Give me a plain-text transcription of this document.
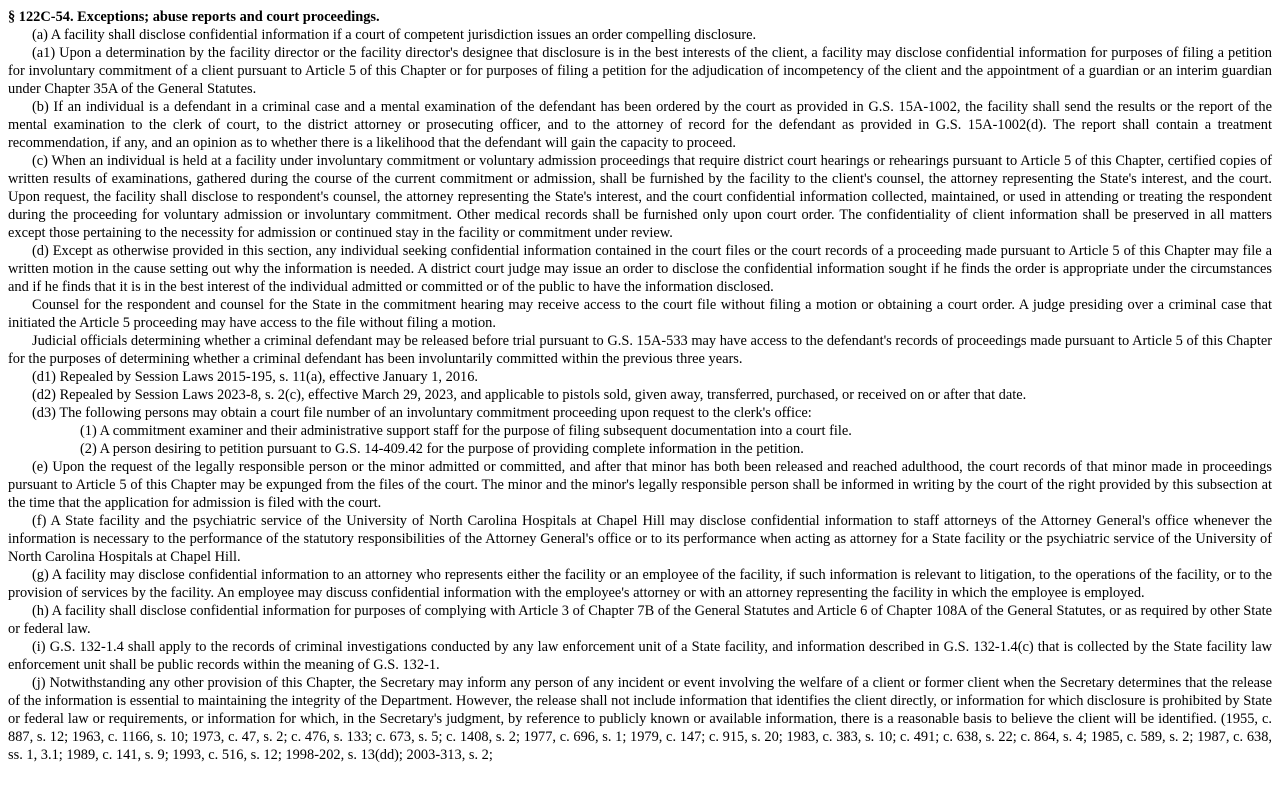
§ 122C-54. Exceptions; abuse reports and court proceedings.

(a) A facility shall disclose confidential information if a court of competent jurisdiction issues an order compelling disclosure.

(a1) Upon a determination by the facility director or the facility director's designee that disclosure is in the best interests of the client, a facility may disclose confidential information for purposes of filing a petition for involuntary commitment of a client pursuant to Article 5 of this Chapter or for purposes of filing a petition for the adjudication of incompetency of the client and the appointment of a guardian or an interim guardian under Chapter 35A of the General Statutes.

(b) If an individual is a defendant in a criminal case and a mental examination of the defendant has been ordered by the court as provided in G.S. 15A-1002, the facility shall send the results or the report of the mental examination to the clerk of court, to the district attorney or prosecuting officer, and to the attorney of record for the defendant as provided in G.S. 15A-1002(d). The report shall contain a treatment recommendation, if any, and an opinion as to whether there is a likelihood that the defendant will gain the capacity to proceed.

(c) When an individual is held at a facility under involuntary commitment or voluntary admission proceedings that require district court hearings or rehearings pursuant to Article 5 of this Chapter, certified copies of written results of examinations, gathered during the course of the current commitment or admission, shall be furnished by the facility to the client's counsel, the attorney representing the State's interest, and the court. Upon request, the facility shall disclose to respondent's counsel, the attorney representing the State's interest, and the court confidential information collected, maintained, or used in attending or treating the respondent during the proceeding for voluntary admission or involuntary commitment. Other medical records shall be furnished only upon court order. The confidentiality of client information shall be preserved in all matters except those pertaining to the necessity for admission or continued stay in the facility or commitment under review.

(d) Except as otherwise provided in this section, any individual seeking confidential information contained in the court files or the court records of a proceeding made pursuant to Article 5 of this Chapter may file a written motion in the cause setting out why the information is needed. A district court judge may issue an order to disclose the confidential information sought if he finds the order is appropriate under the circumstances and if he finds that it is in the best interest of the individual admitted or committed or of the public to have the information disclosed.

Counsel for the respondent and counsel for the State in the commitment hearing may receive access to the court file without filing a motion or obtaining a court order. A judge presiding over a criminal case that initiated the Article 5 proceeding may have access to the file without filing a motion.

Judicial officials determining whether a criminal defendant may be released before trial pursuant to G.S. 15A-533 may have access to the defendant's records of proceedings made pursuant to Article 5 of this Chapter for the purposes of determining whether a criminal defendant has been involuntarily committed within the previous three years.

(d1) Repealed by Session Laws 2015-195, s. 11(a), effective January 1, 2016.

(d2) Repealed by Session Laws 2023-8, s. 2(c), effective March 29, 2023, and applicable to pistols sold, given away, transferred, purchased, or received on or after that date.

(d3) The following persons may obtain a court file number of an involuntary commitment proceeding upon request to the clerk's office:

(1) A commitment examiner and their administrative support staff for the purpose of filing subsequent documentation into a court file.

(2) A person desiring to petition pursuant to G.S. 14-409.42 for the purpose of providing complete information in the petition.

(e) Upon the request of the legally responsible person or the minor admitted or committed, and after that minor has both been released and reached adulthood, the court records of that minor made in proceedings pursuant to Article 5 of this Chapter may be expunged from the files of the court. The minor and the minor's legally responsible person shall be informed in writing by the court of the right provided by this subsection at the time that the application for admission is filed with the court.

(f) A State facility and the psychiatric service of the University of North Carolina Hospitals at Chapel Hill may disclose confidential information to staff attorneys of the Attorney General's office whenever the information is necessary to the performance of the statutory responsibilities of the Attorney General's office or to its performance when acting as attorney for a State facility or the psychiatric service of the University of North Carolina Hospitals at Chapel Hill.

(g) A facility may disclose confidential information to an attorney who represents either the facility or an employee of the facility, if such information is relevant to litigation, to the operations of the facility, or to the provision of services by the facility. An employee may discuss confidential information with the employee's attorney or with an attorney representing the facility in which the employee is employed.

(h) A facility shall disclose confidential information for purposes of complying with Article 3 of Chapter 7B of the General Statutes and Article 6 of Chapter 108A of the General Statutes, or as required by other State or federal law.

(i) G.S. 132-1.4 shall apply to the records of criminal investigations conducted by any law enforcement unit of a State facility, and information described in G.S. 132-1.4(c) that is collected by the State facility law enforcement unit shall be public records within the meaning of G.S. 132-1.

(j) Notwithstanding any other provision of this Chapter, the Secretary may inform any person of any incident or event involving the welfare of a client or former client when the Secretary determines that the release of the information is essential to maintaining the integrity of the Department. However, the release shall not include information that identifies the client directly, or information for which disclosure is prohibited by State or federal law or requirements, or information for which, in the Secretary's judgment, by reference to publicly known or available information, there is a reasonable basis to believe the client will be identified. (1955, c. 887, s. 12; 1963, c. 1166, s. 10; 1973, c. 47, s. 2; c. 476, s. 133; c. 673, s. 5; c. 1408, s. 2; 1977, c. 696, s. 1; 1979, c. 147; c. 915, s. 20; 1983, c. 383, s. 10; c. 491; c. 638, s. 22; c. 864, s. 4; 1985, c. 589, s. 2; 1987, c. 638, ss. 1, 3.1; 1989, c. 141, s. 9; 1993, c. 516, s. 12; 1998-202, s. 13(dd); 2003-313, s. 2;
